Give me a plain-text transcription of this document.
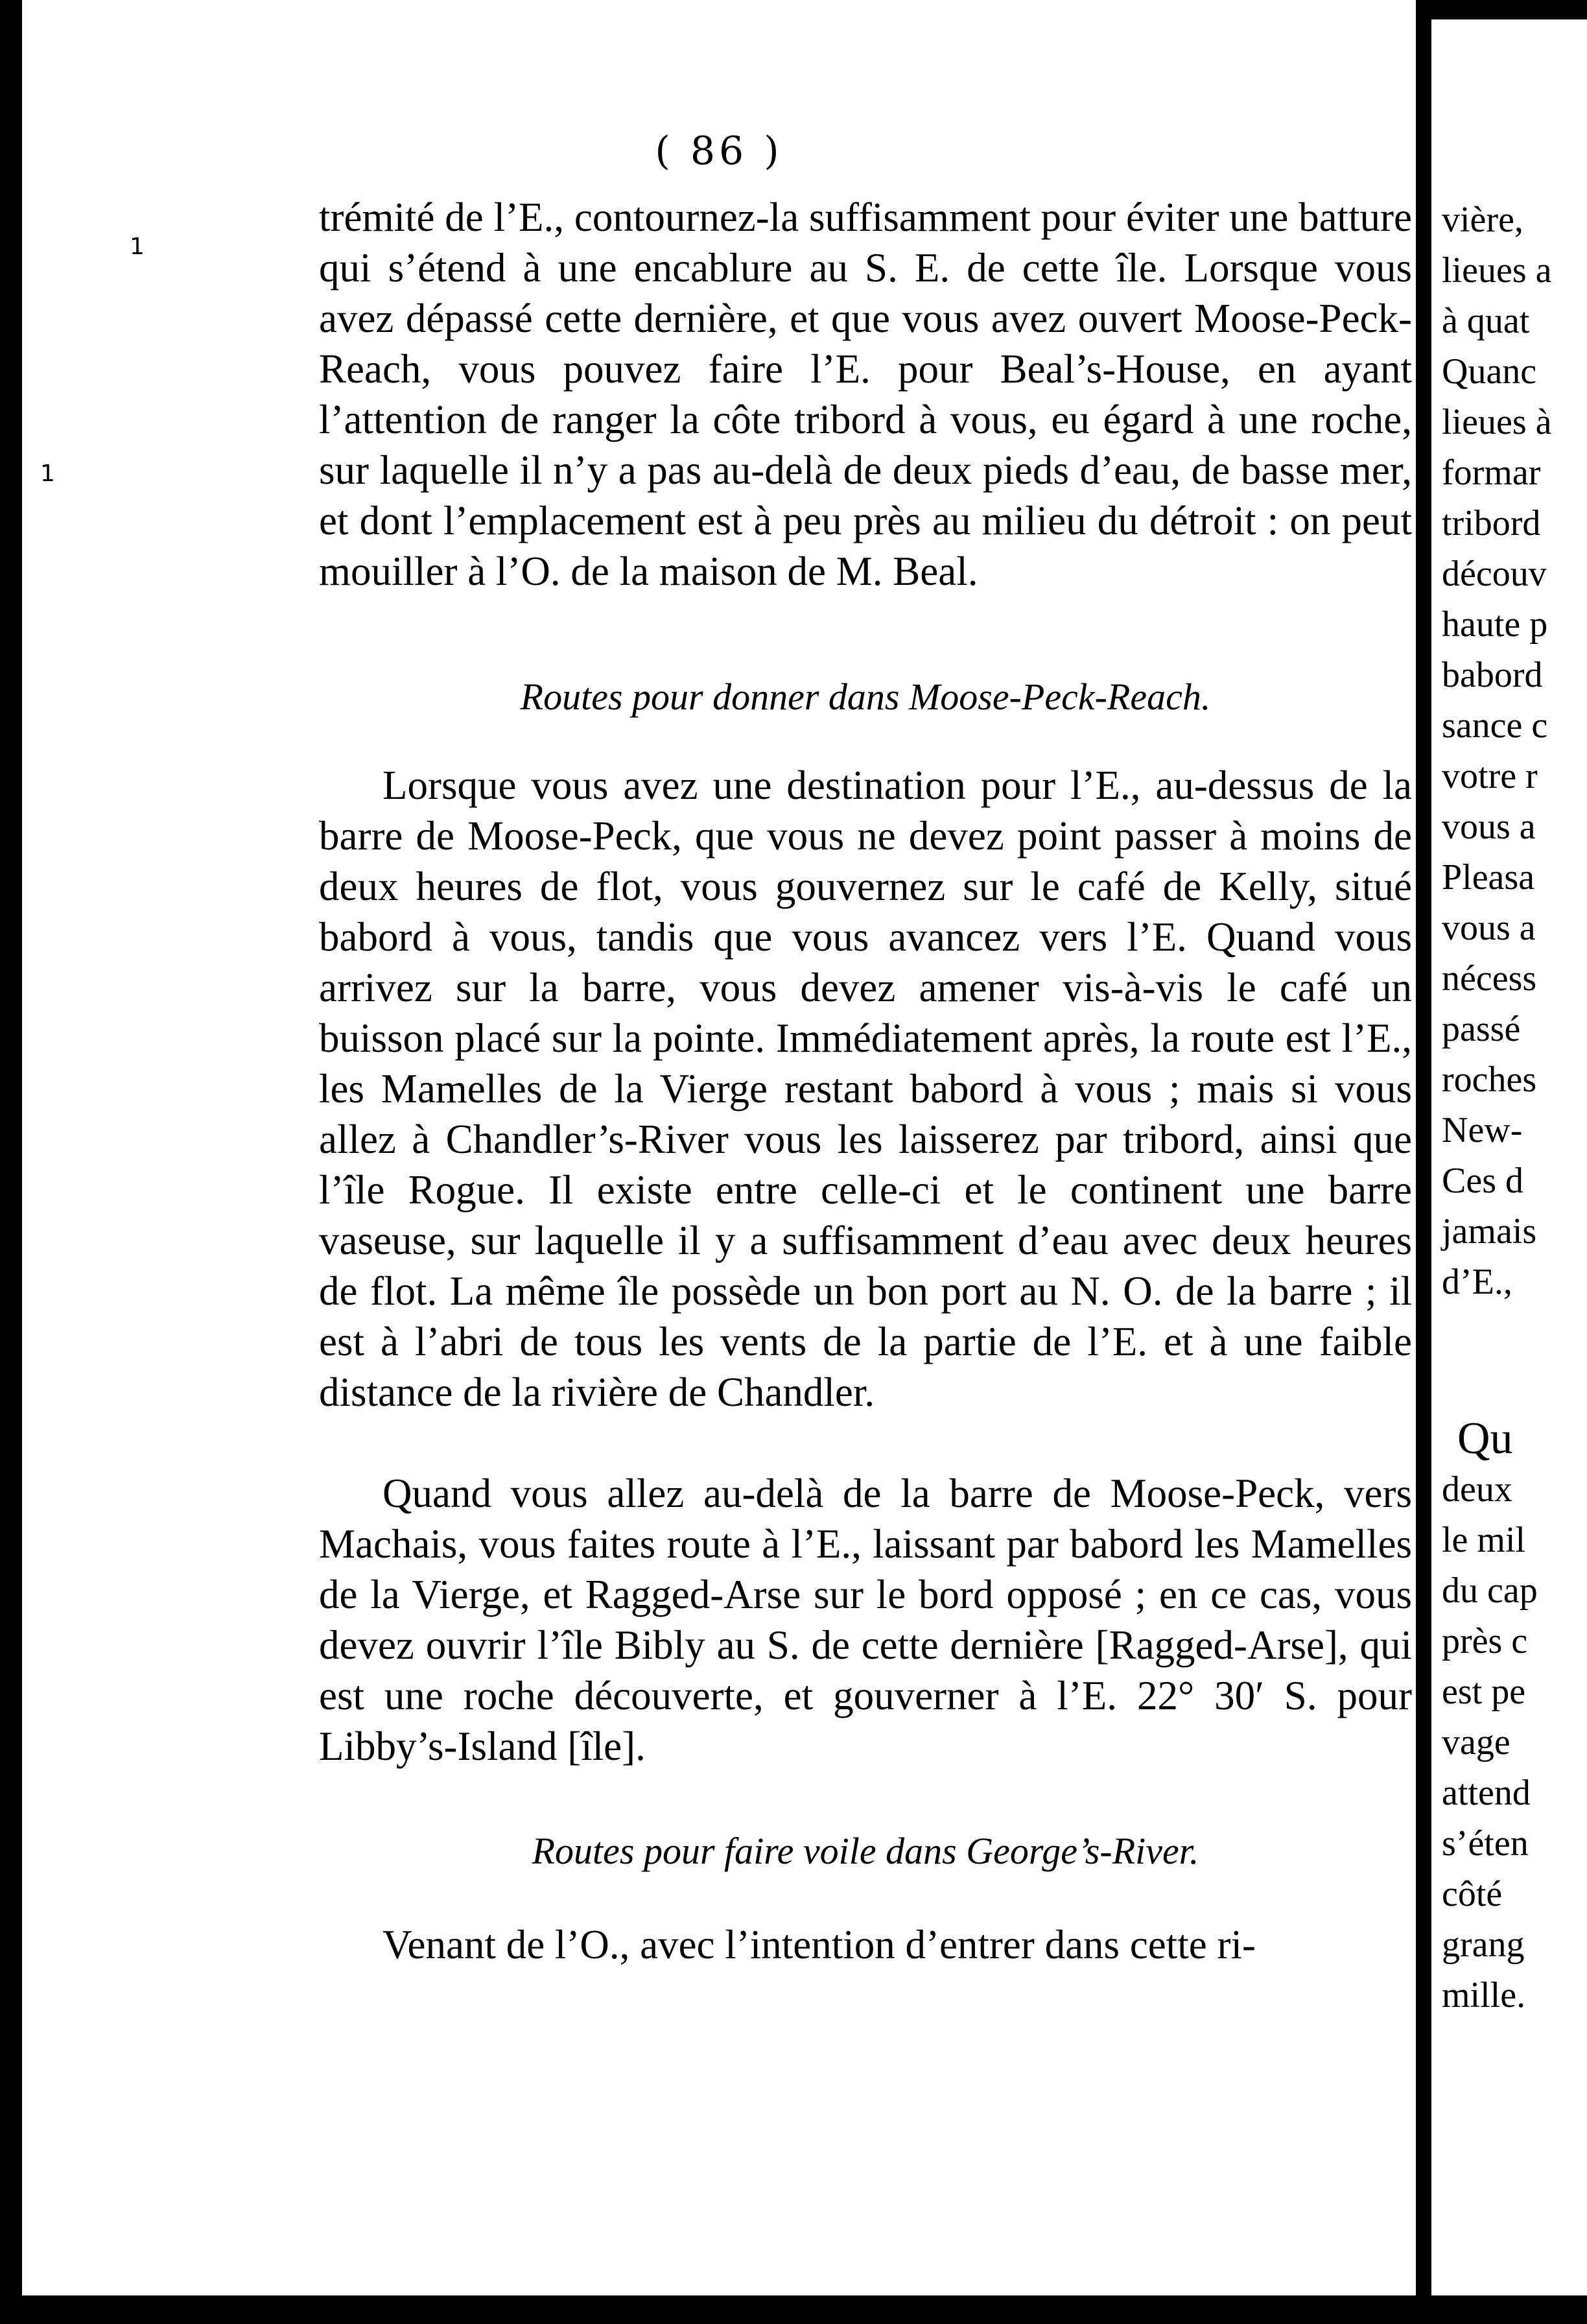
( 86 )
trémité de l’E., contournez-la suffisamment pour éviter une batture qui s’étend à une encablure au S. E. de cette île. Lorsque vous avez dépassé cette dernière, et que vous avez ouvert Moose-Peck-Reach, vous pouvez faire l’E. pour Beal’s-House, en ayant l’attention de ranger la côte tribord à vous, eu égard à une roche, sur laquelle il n’y a pas au-delà de deux pieds d’eau, de basse mer, et dont l’emplacement est à peu près au milieu du détroit : on peut mouiller à l’O. de la maison de M. Beal.
Routes pour donner dans Moose-Peck-Reach.
Lorsque vous avez une destination pour l’E., au-dessus de la barre de Moose-Peck, que vous ne devez point passer à moins de deux heures de flot, vous gouvernez sur le café de Kelly, situé babord à vous, tandis que vous avancez vers l’E. Quand vous arrivez sur la barre, vous devez amener vis-à-vis le café un buisson placé sur la pointe. Immédiatement après, la route est l’E., les Mamelles de la Vierge restant babord à vous ; mais si vous allez à Chandler’s-River vous les laisserez par tribord, ainsi que l’île Rogue. Il existe entre celle-ci et le continent une barre vaseuse, sur laquelle il y a suffisamment d’eau avec deux heures de flot. La même île possède un bon port au N. O. de la barre ; il est à l’abri de tous les vents de la partie de l’E. et à une faible distance de la rivière de Chandler.
Quand vous allez au-delà de la barre de Moose-Peck, vers Machais, vous faites route à l’E., laissant par babord les Mamelles de la Vierge, et Ragged-Arse sur le bord opposé ; en ce cas, vous devez ouvrir l’île Bibly au S. de cette dernière [Ragged-Arse], qui est une roche découverte, et gouverner à l’E. 22° 30′ S. pour Libby’s-Island [île].
Routes pour faire voile dans George’s-River.
Venant de l’O., avec l’intention d’entrer dans cette ri-
1
1
vière,
lieues a
à quat
Quanc
lieues à
formar
tribord
découv
haute p
babord
sance c
votre r
vous a
Pleasa
vous a
nécess
passé
roches
New-
Ces d
jamais
d’E.,
Qu
deux
le mil
du cap
près c
est pe
vage
attend
s’éten
côté
grang
mille.
